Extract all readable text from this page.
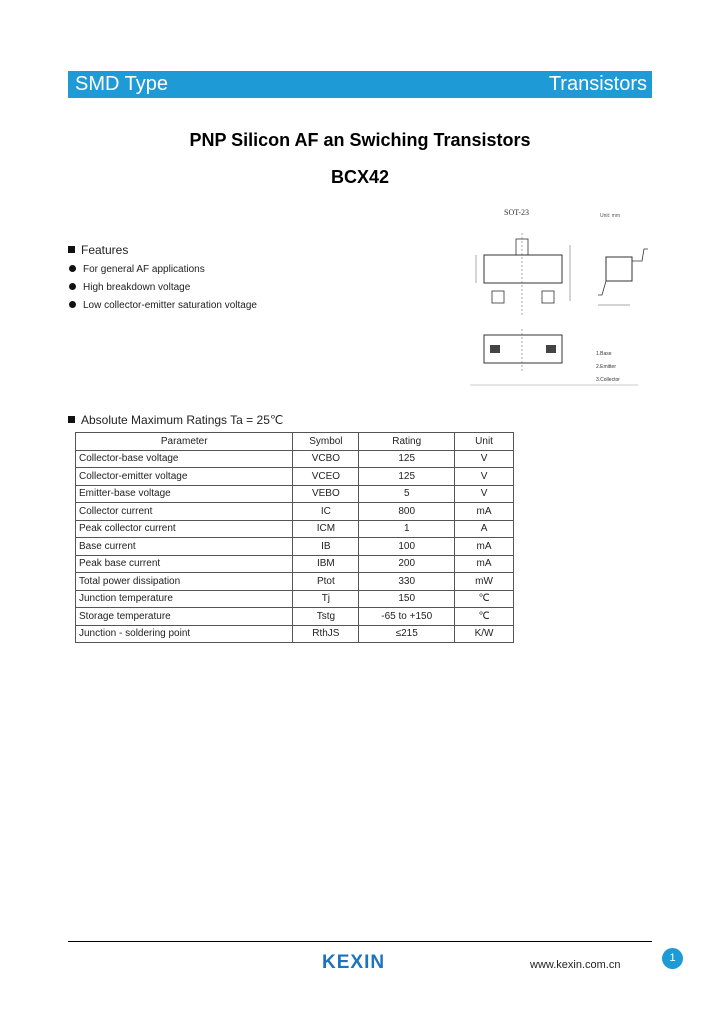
SMD Type	Transistors
PNP Silicon AF an Swiching Transistors
BCX42
SOT-23	Unit: mm
1.Base
2.Emitter
3.Collector
Features
For general AF applications
High breakdown voltage
Low collector-emitter saturation voltage
Absolute Maximum Ratings Ta = 25℃
Parameter	Symbol	Rating	Unit
Collector-base voltage	VCBO	125	V
Collector-emitter voltage	VCEO	125	V
Emitter-base voltage	VEBO	5	V
Collector current	IC	800	mA
Peak collector current	ICM	1	A
Base current	IB	100	mA
Peak base current	IBM	200	mA
Total power dissipation	Ptot	330	mW
Junction temperature	Tj	150	℃
Storage temperature	Tstg	-65 to +150	℃
Junction - soldering point	RthJS	≤215	K/W
KEXIN	www.kexin.com.cn
1
